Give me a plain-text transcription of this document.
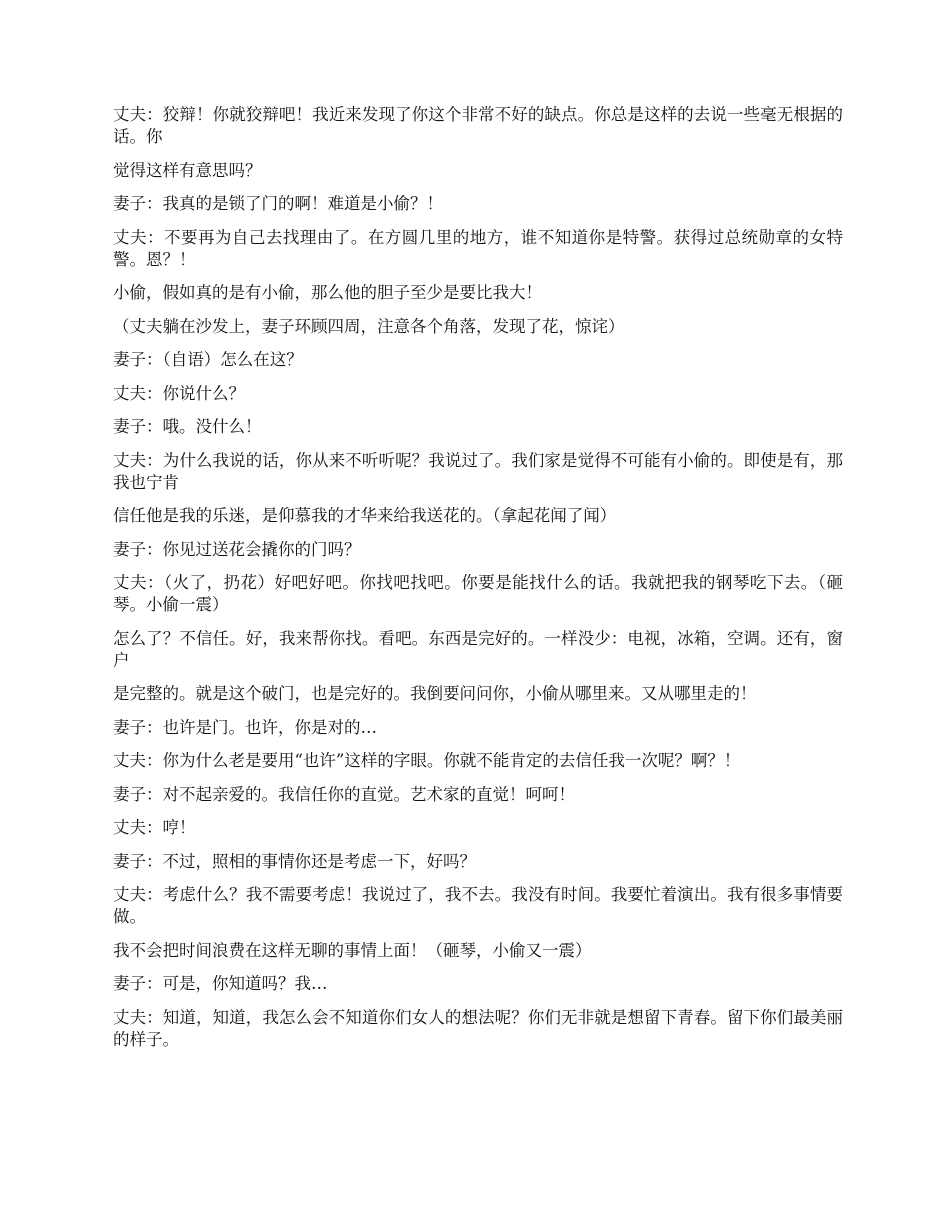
丈夫：狡辩！你就狡辩吧！我近来发现了你这个非常不好的缺点。你总是这样的去说一些毫无根据的话。你

觉得这样有意思吗？

妻子：我真的是锁了门的啊！难道是小偷？！

丈夫：不要再为自己去找理由了。在方圆几里的地方，谁不知道你是特警。获得过总统勋章的女特警。恩？！

小偷，假如真的是有小偷，那么他的胆子至少是要比我大！

（丈夫躺在沙发上，妻子环顾四周，注意各个角落，发现了花，惊诧）

妻子：（自语）怎么在这？

丈夫：你说什么？

妻子：哦。没什么！

丈夫：为什么我说的话，你从来不听听呢？我说过了。我们家是觉得不可能有小偷的。即使是有，那我也宁肯

信任他是我的乐迷，是仰慕我的才华来给我送花的。（拿起花闻了闻）

妻子：你见过送花会撬你的门吗？

丈夫：（火了，扔花）好吧好吧。你找吧找吧。你要是能找什么的话。我就把我的钢琴吃下去。（砸琴。小偷一震）

怎么了？不信任。好，我来帮你找。看吧。东西是完好的。一样没少：电视，冰箱，空调。还有，窗户

是完整的。就是这个破门，也是完好的。我倒要问问你，小偷从哪里来。又从哪里走的！

妻子：也许是门。也许，你是对的…

丈夫：你为什么老是要用“也许”这样的字眼。你就不能肯定的去信任我一次呢？啊？！

妻子：对不起亲爱的。我信任你的直觉。艺术家的直觉！呵呵！

丈夫：哼！

妻子：不过，照相的事情你还是考虑一下，好吗？

丈夫：考虑什么？我不需要考虑！我说过了，我不去。我没有时间。我要忙着演出。我有很多事情要做。

我不会把时间浪费在这样无聊的事情上面！（砸琴，小偷又一震）

妻子：可是，你知道吗？我…

丈夫：知道，知道，我怎么会不知道你们女人的想法呢？你们无非就是想留下青春。留下你们最美丽的样子。
